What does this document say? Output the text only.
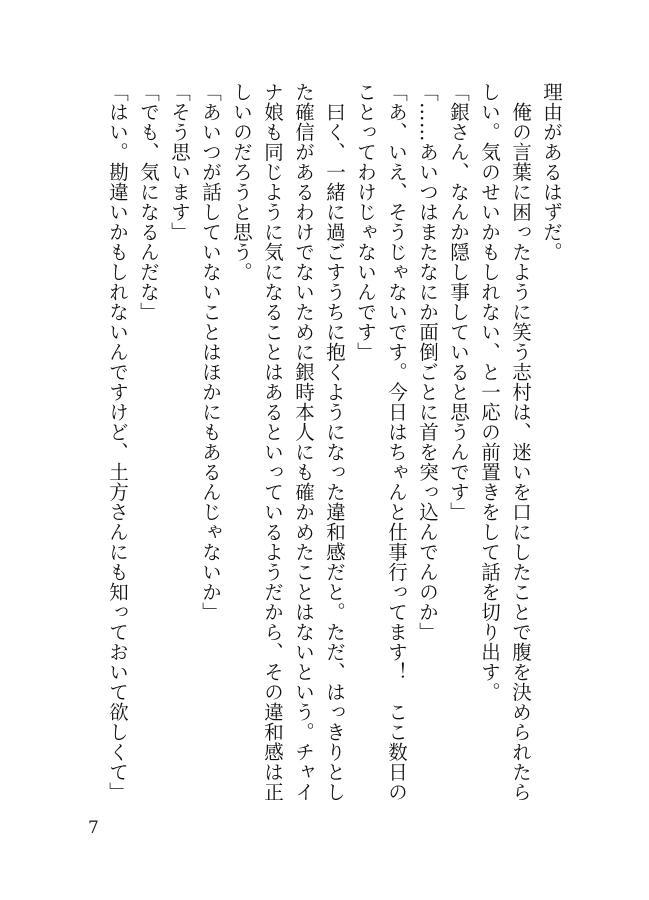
理由があるはずだ。

俺の言葉に困ったように笑う志村は、迷いを口にしたことで腹を決められたらしい。気のせいかもしれない、と一応の前置きをして話を切り出す。

「銀さん、なんか隠し事していると思うんです」

「……あいつはまたなにか面倒ごとに首を突っ込んでんのか」

「あ、いえ、そうじゃないです。今日はちゃんと仕事行ってます！　ここ数日のことってわけじゃないんです」

曰く、一緒に過ごすうちに抱くようになった違和感だと。ただ、はっきりとした確信があるわけでないために銀時本人にも確かめたことはないという。チャイナ娘も同じように気になることはあるといっているようだから、その違和感は正しいのだろうと思う。

「あいつが話していないことはほかにもあるんじゃないか」

「そう思います」

「でも、気になるんだな」

「はい。勘違いかもしれないんですけど、土方さんにも知っておいて欲しくて」

7
